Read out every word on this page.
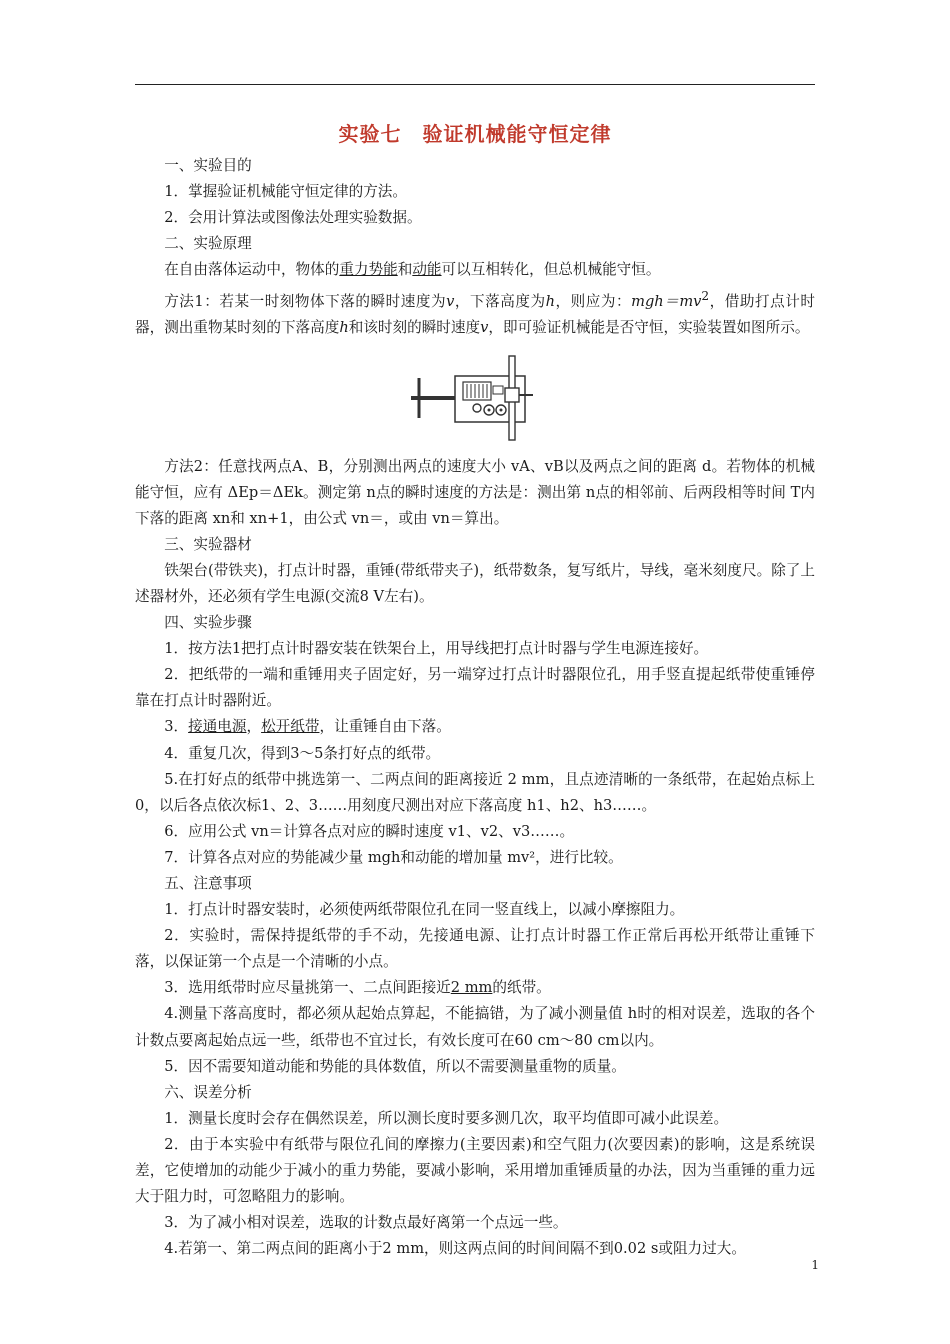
实验七　验证机械能守恒定律

一、实验目的

1．掌握验证机械能守恒定律的方法。

2．会用计算法或图像法处理实验数据。

二、实验原理

在自由落体运动中，物体的重力势能和动能可以互相转化，但总机械能守恒。

方法1：若某一时刻物体下落的瞬时速度为v，下落高度为h，则应为：$mgh=mv^2$，借助打点计时器，测出重物某时刻的下落高度h和该时刻的瞬时速度v，即可验证机械能是否守恒，实验装置如图所示。

方法2：任意找两点A、B，分别测出两点的速度大小 vA、vB以及两点之间的距离 d。若物体的机械能守恒，应有 ΔEp＝ΔEk。测定第 n点的瞬时速度的方法是：测出第 n点的相邻前、后两段相等时间 T内下落的距离 xn和 xn+1，由公式 vn＝，或由 vn＝算出。

三、实验器材

铁架台(带铁夹)，打点计时器，重锤(带纸带夹子)，纸带数条，复写纸片，导线，毫米刻度尺。除了上述器材外，还必须有学生电源(交流8 V左右)。

四、实验步骤

1．按方法1把打点计时器安装在铁架台上，用导线把打点计时器与学生电源连接好。

2．把纸带的一端和重锤用夹子固定好，另一端穿过打点计时器限位孔，用手竖直提起纸带使重锤停靠在打点计时器附近。

3．接通电源，松开纸带，让重锤自由下落。

4．重复几次，得到3～5条打好点的纸带。

5.在打好点的纸带中挑选第一、二两点间的距离接近 2 mm，且点迹清晰的一条纸带，在起始点标上0，以后各点依次标1、2、3……用刻度尺测出对应下落高度 h1、h2、h3……。

6．应用公式 vn＝计算各点对应的瞬时速度 v1、v2、v3……。

7．计算各点对应的势能减少量 mgh和动能的增加量 mv²，进行比较。

五、注意事项

1．打点计时器安装时，必须使两纸带限位孔在同一竖直线上，以减小摩擦阻力。

2．实验时，需保持提纸带的手不动，先接通电源、让打点计时器工作正常后再松开纸带让重锤下落，以保证第一个点是一个清晰的小点。

3．选用纸带时应尽量挑第一、二点间距接近2 mm的纸带。

4.测量下落高度时，都必须从起始点算起，不能搞错，为了减小测量值 h时的相对误差，选取的各个计数点要离起始点远一些，纸带也不宜过长，有效长度可在60 cm～80 cm以内。

5．因不需要知道动能和势能的具体数值，所以不需要测量重物的质量。

六、误差分析

1．测量长度时会存在偶然误差，所以测长度时要多测几次，取平均值即可减小此误差。

2．由于本实验中有纸带与限位孔间的摩擦力(主要因素)和空气阻力(次要因素)的影响，这是系统误差，它使增加的动能少于减小的重力势能，要减小影响，采用增加重锤质量的办法，因为当重锤的重力远大于阻力时，可忽略阻力的影响。

3．为了减小相对误差，选取的计数点最好离第一个点远一些。

4.若第一、第二两点间的距离小于2 mm，则这两点间的时间间隔不到0.02 s或阻力过大。

1
